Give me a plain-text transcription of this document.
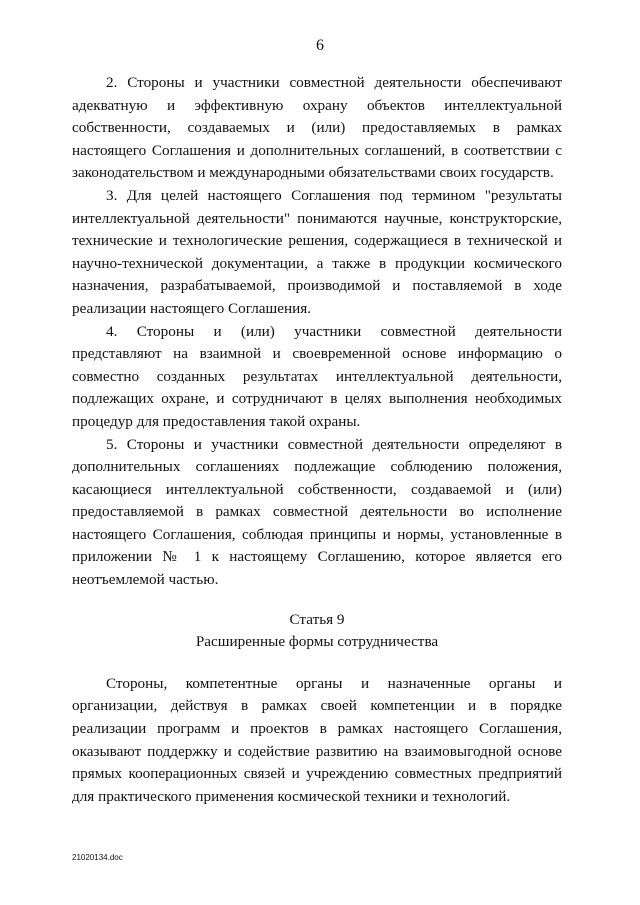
6

2. Стороны и участники совместной деятельности обеспечивают адекватную и эффективную охрану объектов интеллектуальной собственности, создаваемых и (или) предоставляемых в рамках настоящего Соглашения и дополнительных соглашений, в соответствии с законодательством и международными обязательствами своих государств.

3. Для целей настоящего Соглашения под термином "результаты интеллектуальной деятельности" понимаются научные, конструкторские, технические и технологические решения, содержащиеся в технической и научно-технической документации, а также в продукции космического назначения, разрабатываемой, производимой и поставляемой в ходе реализации настоящего Соглашения.

4. Стороны и (или) участники совместной деятельности представляют на взаимной и своевременной основе информацию о совместно созданных результатах интеллектуальной деятельности, подлежащих охране, и сотрудничают в целях выполнения необходимых процедур для предоставления такой охраны.

5. Стороны и участники совместной деятельности определяют в дополнительных соглашениях подлежащие соблюдению положения, касающиеся интеллектуальной собственности, создаваемой и (или) предоставляемой в рамках совместной деятельности во исполнение настоящего Соглашения, соблюдая принципы и нормы, установленные в приложении № 1 к настоящему Соглашению, которое является его неотъемлемой частью.

Статья 9
Расширенные формы сотрудничества

Стороны, компетентные органы и назначенные органы и организации, действуя в рамках своей компетенции и в порядке реализации программ и проектов в рамках настоящего Соглашения, оказывают поддержку и содействие развитию на взаимовыгодной основе прямых кооперационных связей и учреждению совместных предприятий для практического применения космической техники и технологий.

21020134.doc
